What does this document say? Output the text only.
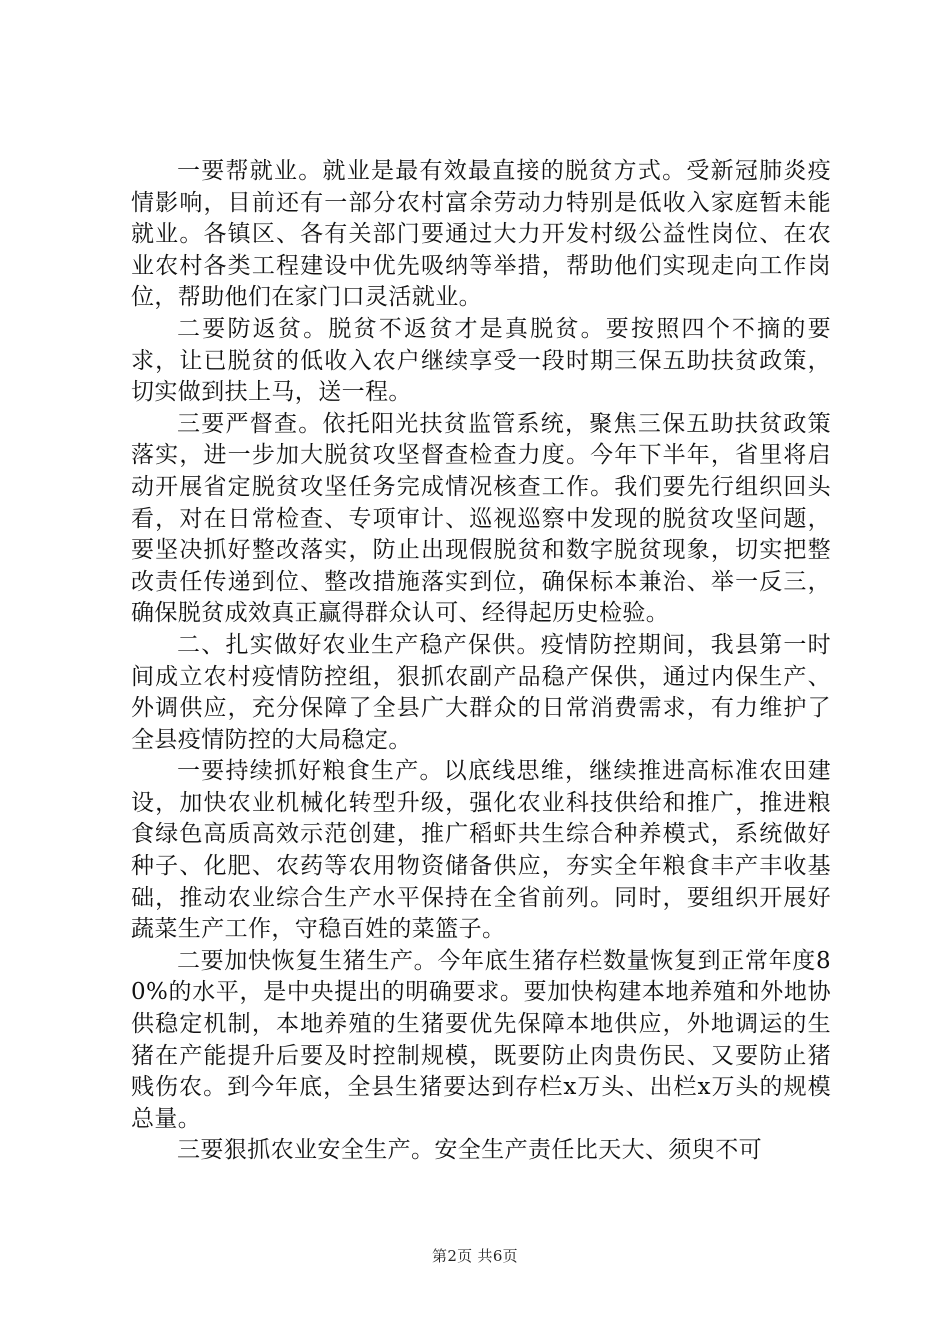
一要帮就业。就业是最有效最直接的脱贫方式。受新冠肺炎疫情影响，目前还有一部分农村富余劳动力特别是低收入家庭暂未能就业。各镇区、各有关部门要通过大力开发村级公益性岗位、在农业农村各类工程建设中优先吸纳等举措，帮助他们实现走向工作岗位，帮助他们在家门口灵活就业。

二要防返贫。脱贫不返贫才是真脱贫。要按照四个不摘的要求，让已脱贫的低收入农户继续享受一段时期三保五助扶贫政策，切实做到扶上马，送一程。

三要严督查。依托阳光扶贫监管系统，聚焦三保五助扶贫政策落实，进一步加大脱贫攻坚督查检查力度。今年下半年，省里将启动开展省定脱贫攻坚任务完成情况核查工作。我们要先行组织回头看，对在日常检查、专项审计、巡视巡察中发现的脱贫攻坚问题，要坚决抓好整改落实，防止出现假脱贫和数字脱贫现象，切实把整改责任传递到位、整改措施落实到位，确保标本兼治、举一反三，确保脱贫成效真正赢得群众认可、经得起历史检验。

二、扎实做好农业生产稳产保供。疫情防控期间，我县第一时间成立农村疫情防控组，狠抓农副产品稳产保供，通过内保生产、外调供应，充分保障了全县广大群众的日常消费需求，有力维护了全县疫情防控的大局稳定。

一要持续抓好粮食生产。以底线思维，继续推进高标准农田建设，加快农业机械化转型升级，强化农业科技供给和推广，推进粮食绿色高质高效示范创建，推广稻虾共生综合种养模式，系统做好种子、化肥、农药等农用物资储备供应，夯实全年粮食丰产丰收基础，推动农业综合生产水平保持在全省前列。同时，要组织开展好蔬菜生产工作，守稳百姓的菜篮子。

二要加快恢复生猪生产。今年底生猪存栏数量恢复到正常年度80%的水平，是中央提出的明确要求。要加快构建本地养殖和外地协供稳定机制，本地养殖的生猪要优先保障本地供应，外地调运的生猪在产能提升后要及时控制规模，既要防止肉贵伤民、又要防止猪贱伤农。到今年底，全县生猪要达到存栏x万头、出栏x万头的规模总量。

三要狠抓农业安全生产。安全生产责任比天大、须臾不可

第2页 共6页
